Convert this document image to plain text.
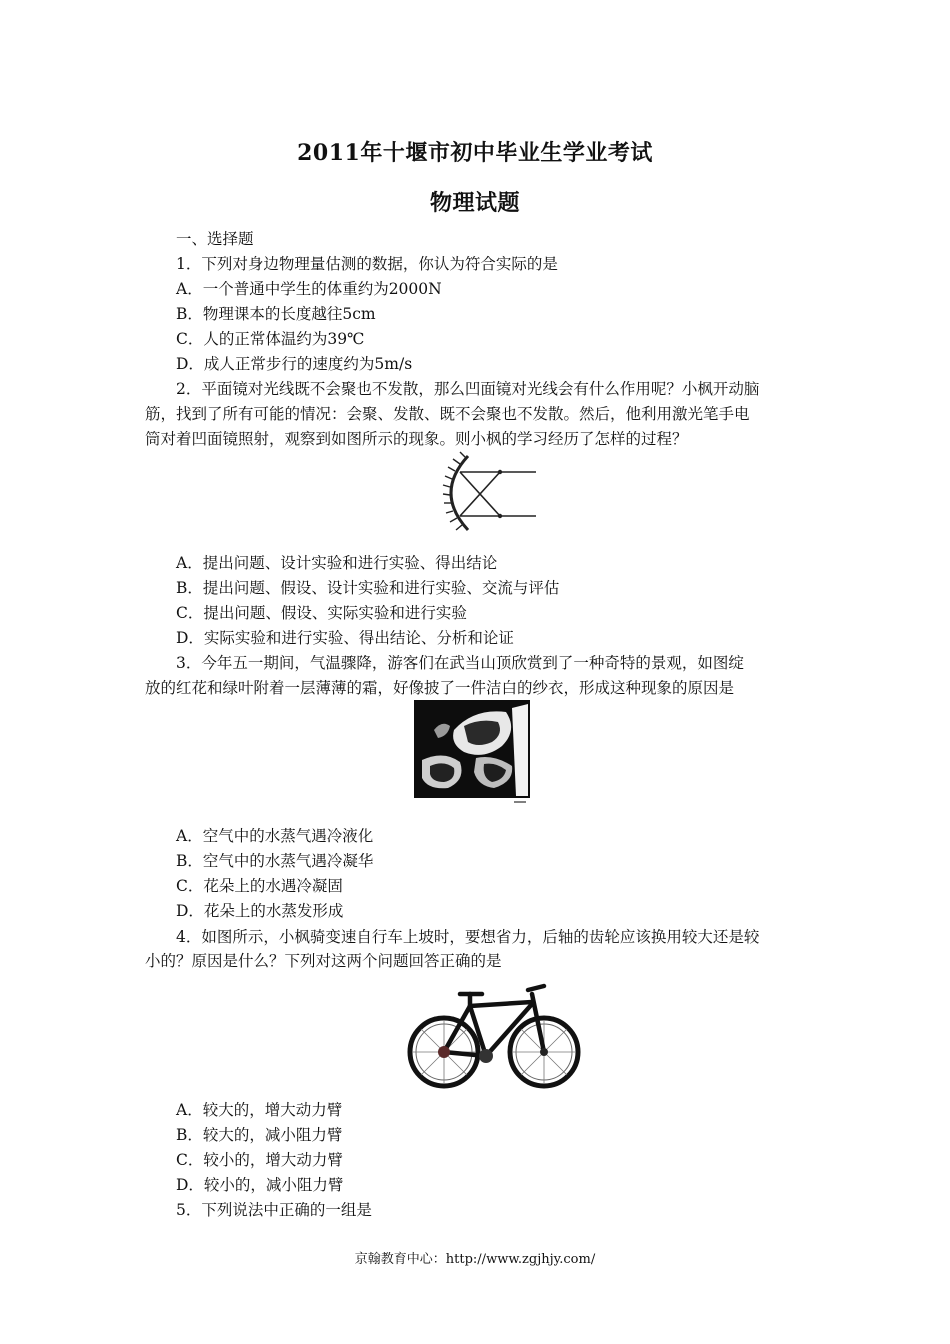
2011年十堰市初中毕业生学业考试
物理试题
一、选择题
1．下列对身边物理量估测的数据，你认为符合实际的是
A．一个普通中学生的体重约为2000N
B．物理课本的长度越往5cm
C．人的正常体温约为39℃
D．成人正常步行的速度约为5m/s
2．平面镜对光线既不会聚也不发散，那么凹面镜对光线会有什么作用呢？小枫开动脑
筋，找到了所有可能的情况：会聚、发散、既不会聚也不发散。然后，他利用激光笔手电
筒对着凹面镜照射，观察到如图所示的现象。则小枫的学习经历了怎样的过程？
A．提出问题、设计实验和进行实验、得出结论
B．提出问题、假设、设计实验和进行实验、交流与评估
C．提出问题、假设、实际实验和进行实验
D．实际实验和进行实验、得出结论、分析和论证
3．今年五一期间，气温骤降，游客们在武当山顶欣赏到了一种奇特的景观，如图绽
放的红花和绿叶附着一层薄薄的霜，好像披了一件洁白的纱衣，形成这种现象的原因是
A．空气中的水蒸气遇冷液化
B．空气中的水蒸气遇冷凝华
C．花朵上的水遇冷凝固
D．花朵上的水蒸发形成
4．如图所示，小枫骑变速自行车上坡时，要想省力，后轴的齿轮应该换用较大还是较
小的？原因是什么？下列对这两个问题回答正确的是
A．较大的，增大动力臂
B．较大的，减小阻力臂
C．较小的，增大动力臂
D．较小的，减小阻力臂
5．下列说法中正确的一组是
京翰教育中心：http://www.zgjhjy.com/
